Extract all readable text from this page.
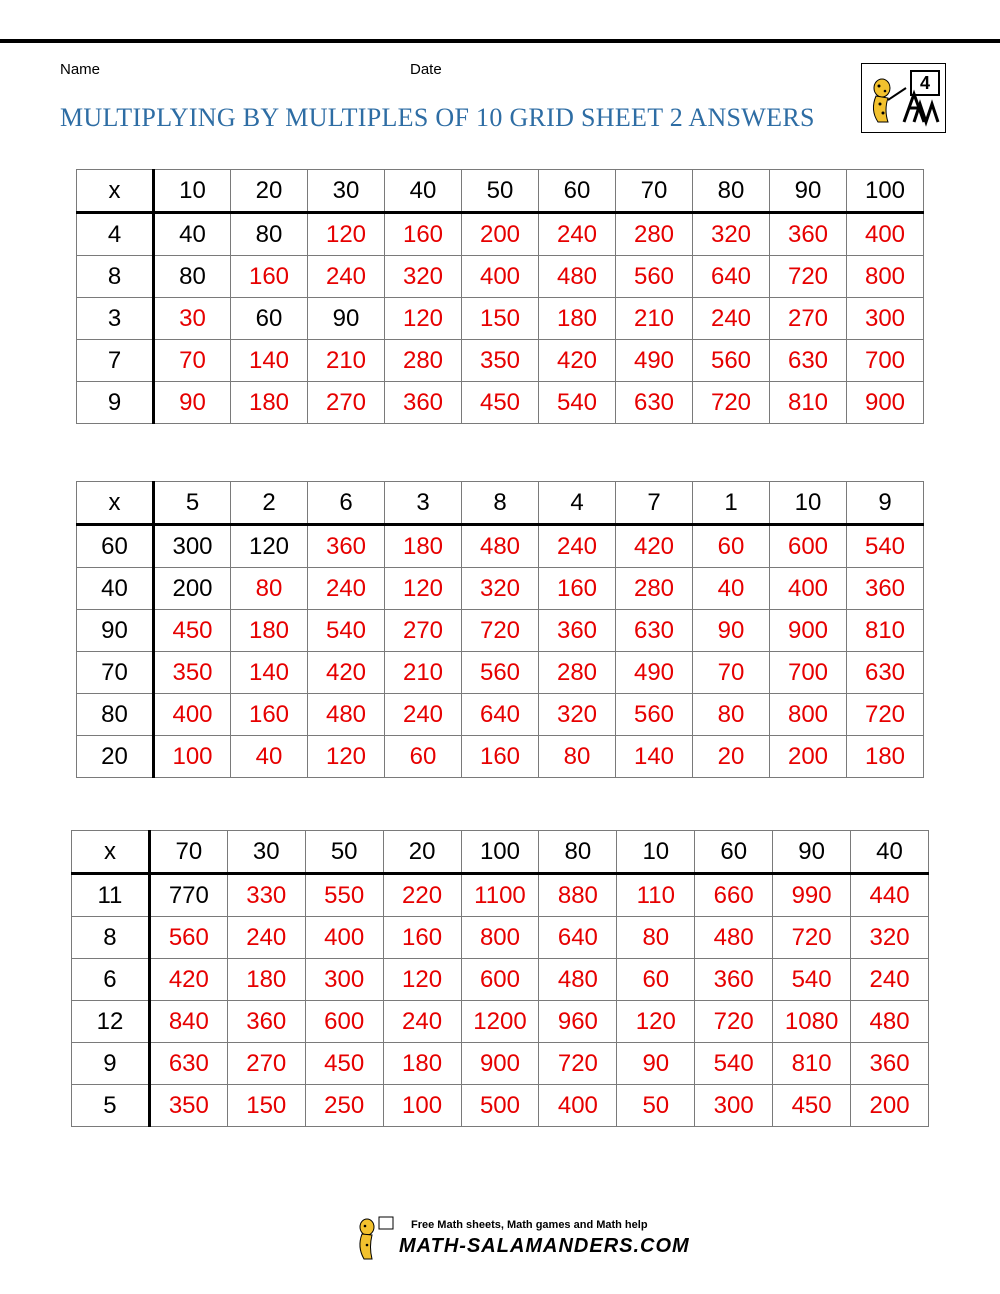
Name	Date
MULTIPLYING BY MULTIPLES OF 10 GRID SHEET 2 ANSWERS
4
x	10	20	30	40	50	60	70	80	90	100
4	40	80	120	160	200	240	280	320	360	400
8	80	160	240	320	400	480	560	640	720	800
3	30	60	90	120	150	180	210	240	270	300
7	70	140	210	280	350	420	490	560	630	700
9	90	180	270	360	450	540	630	720	810	900
x	5	2	6	3	8	4	7	1	10	9
60	300	120	360	180	480	240	420	60	600	540
40	200	80	240	120	320	160	280	40	400	360
90	450	180	540	270	720	360	630	90	900	810
70	350	140	420	210	560	280	490	70	700	630
80	400	160	480	240	640	320	560	80	800	720
20	100	40	120	60	160	80	140	20	200	180
x	70	30	50	20	100	80	10	60	90	40
11	770	330	550	220	1100	880	110	660	990	440
8	560	240	400	160	800	640	80	480	720	320
6	420	180	300	120	600	480	60	360	540	240
12	840	360	600	240	1200	960	120	720	1080	480
9	630	270	450	180	900	720	90	540	810	360
5	350	150	250	100	500	400	50	300	450	200
Free Math sheets, Math games and Math help
MATH-SALAMANDERS.COM
